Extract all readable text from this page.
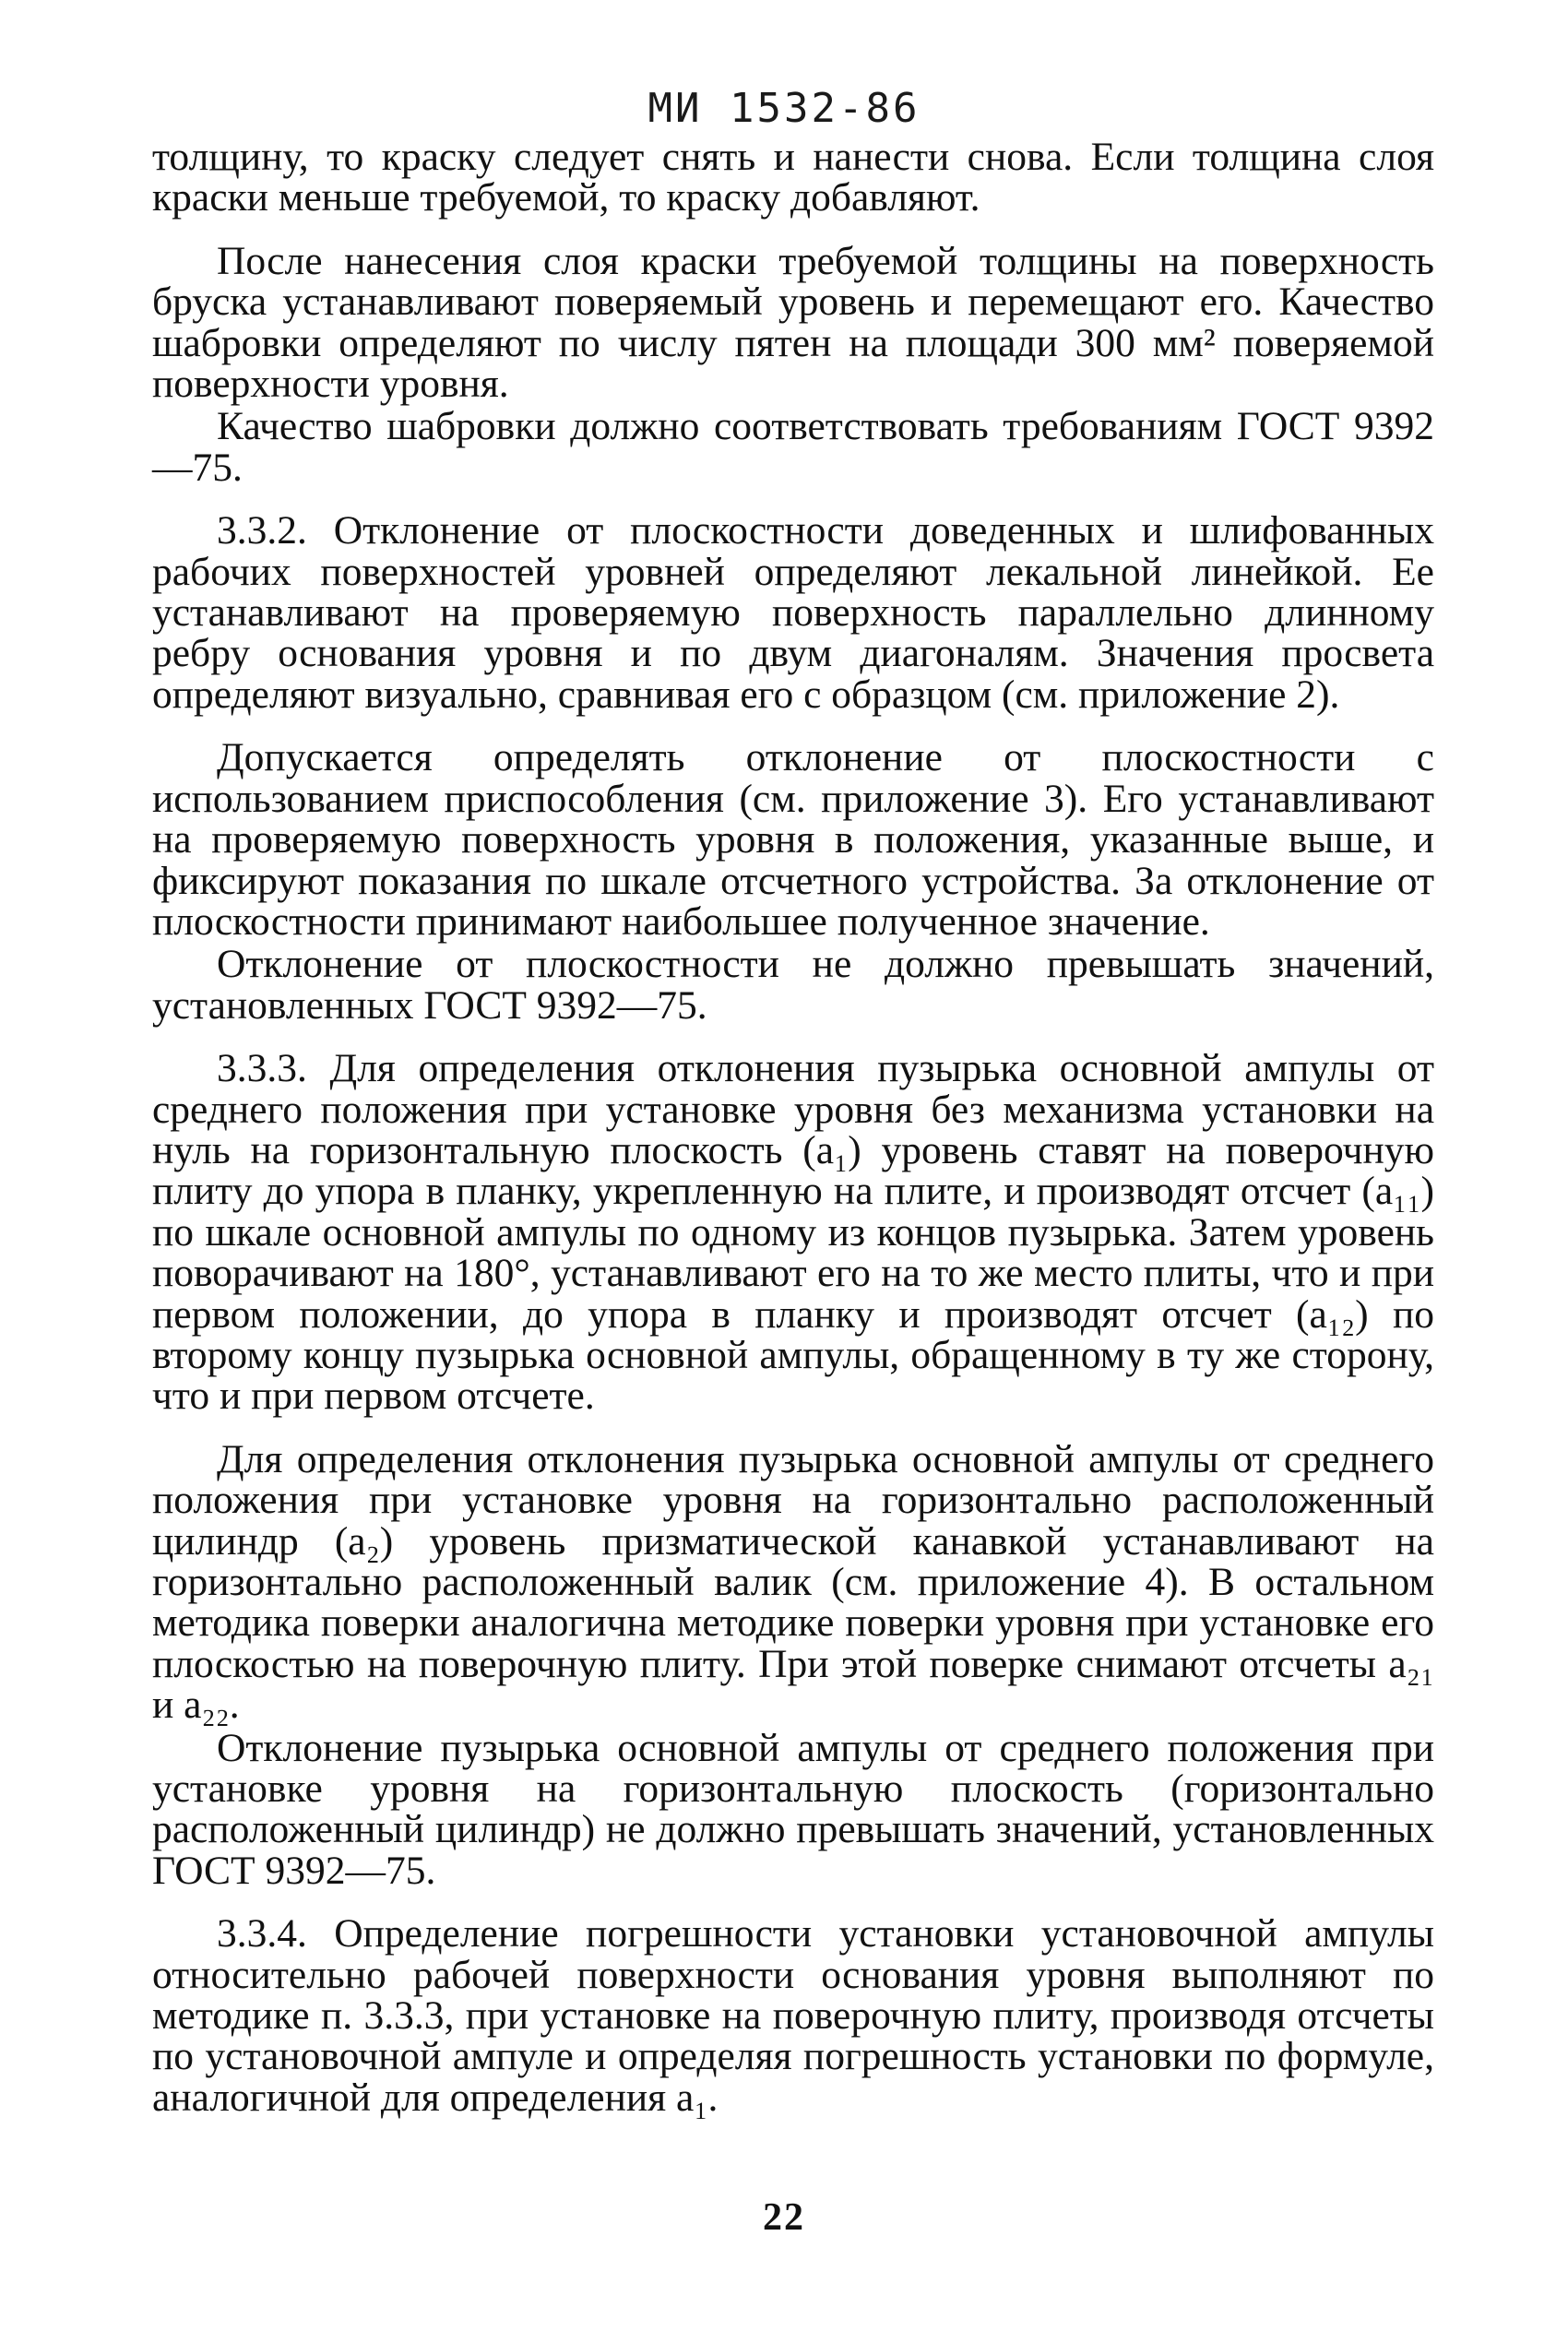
МИ 1532-86

толщину, то краску следует снять и нанести снова. Если толщина слоя краски меньше требуемой, то краску добавляют.

После нанесения слоя краски требуемой толщины на поверхность бруска устанавливают поверяемый уровень и перемещают его. Качество шабровки определяют по числу пятен на площади 300 мм² поверяемой поверхности уровня.

Качество шабровки должно соответствовать требованиям ГОСТ 9392—75.

3.3.2. Отклонение от плоскостности доведенных и шлифованных рабочих поверхностей уровней определяют лекальной линейкой. Ее устанавливают на проверяемую поверхность параллельно длинному ребру основания уровня и по двум диагоналям. Значения просвета определяют визуально, сравнивая его с образцом (см. приложение 2).

Допускается определять отклонение от плоскостности с использованием приспособления (см. приложение 3). Его устанавливают на проверяемую поверхность уровня в положения, указанные выше, и фиксируют показания по шкале отсчетного устройства. За отклонение от плоскостности принимают наибольшее полученное значение.

Отклонение от плоскостности не должно превышать значений, установленных ГОСТ 9392—75.

3.3.3. Для определения отклонения пузырька основной ампулы от среднего положения при установке уровня без механизма установки на нуль на горизонтальную плоскость (a₁) уровень ставят на поверочную плиту до упора в планку, укрепленную на плите, и производят отсчет (a₁₁) по шкале основной ампулы по одному из концов пузырька. Затем уровень поворачивают на 180°, устанавливают его на то же место плиты, что и при первом положении, до упора в планку и производят отсчет (a₁₂) по второму концу пузырька основной ампулы, обращенному в ту же сторону, что и при первом отсчете.

Для определения отклонения пузырька основной ампулы от среднего положения при установке уровня на горизонтально расположенный цилиндр (a₂) уровень призматической канавкой устанавливают на горизонтально расположенный валик (см. приложение 4). В остальном методика поверки аналогична методике поверки уровня при установке его плоскостью на поверочную плиту. При этой поверке снимают отсчеты a₂₁ и a₂₂.

Отклонение пузырька основной ампулы от среднего положения при установке уровня на горизонтальную плоскость (горизонтально расположенный цилиндр) не должно превышать значений, установленных ГОСТ 9392—75.

3.3.4. Определение погрешности установки установочной ампулы относительно рабочей поверхности основания уровня выполняют по методике п. 3.3.3, при установке на поверочную плиту, производя отсчеты по установочной ампуле и определяя погрешность установки по формуле, аналогичной для определения a₁.

22
